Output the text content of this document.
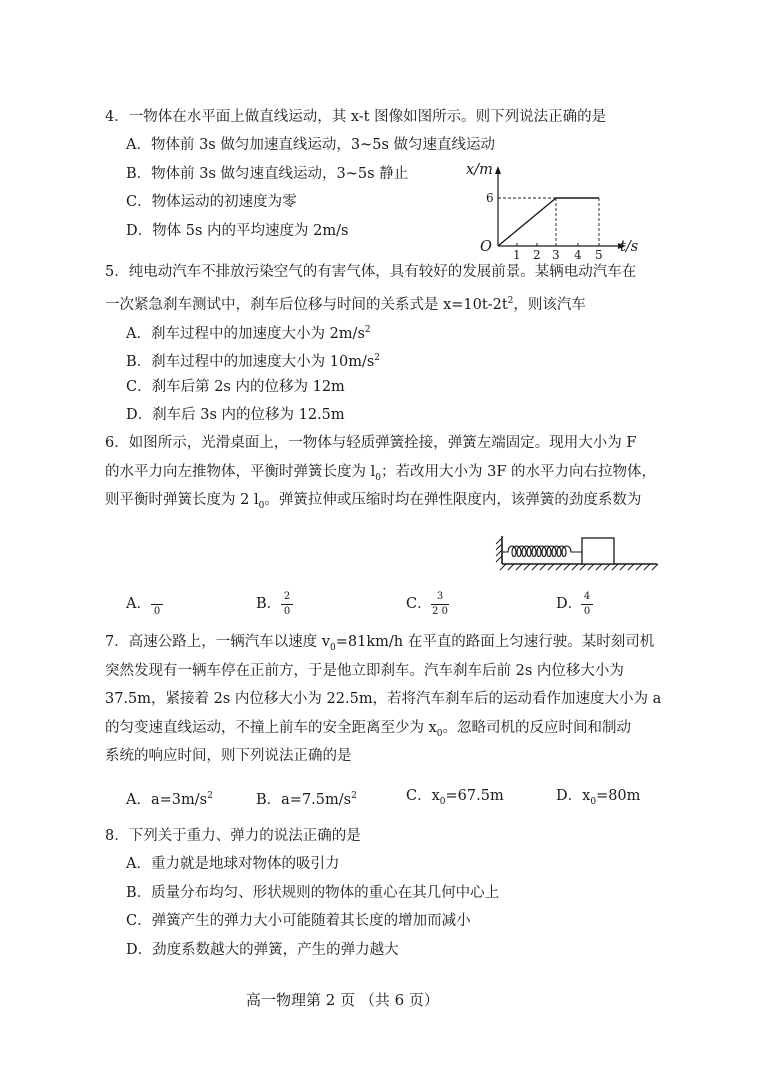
4．一物体在水平面上做直线运动，其 x-t 图像如图所示。则下列说法正确的是
A．物体前 3s 做匀加速直线运动，3~5s 做匀速直线运动
B．物体前 3s 做匀速直线运动，3~5s 静止
C．物体运动的初速度为零
D．物体 5s 内的平均速度为 2m/s
x/m
6
O 1 2 3 4 5 t/s
5．纯电动汽车不排放污染空气的有害气体，具有较好的发展前景。某辆电动汽车在
一次紧急刹车测试中，刹车后位移与时间的关系式是 $x=10t-2t^2$，则该汽车
A．刹车过程中的加速度大小为 $2m/s^2$
B．刹车过程中的加速度大小为 $10m/s^2$
C．刹车后第 2s 内的位移为 12m
D．刹车后 3s 内的位移为 12.5m
6．如图所示，光滑桌面上，一物体与轻质弹簧拴接，弹簧左端固定。现用大小为 F
的水平力向左推物体，平衡时弹簧长度为 $l_0$；若改用大小为 3F 的水平力向右拉物体，
则平衡时弹簧长度为 2 $l_0$。弹簧拉伸或压缩时均在弹性限度内，该弹簧的劲度系数为
A． 0	B． 2
0	C． 3
2 0	D． 4
0
7．高速公路上，一辆汽车以速度 $v_0=81km/h$ 在平直的路面上匀速行驶。某时刻司机
突然发现有一辆车停在正前方，于是他立即刹车。汽车刹车后前 2s 内位移大小为
37.5m，紧接着 2s 内位移大小为 22.5m，若将汽车刹车后的运动看作加速度大小为 a
的匀变速直线运动，不撞上前车的安全距离至少为 $x_0$。忽略司机的反应时间和制动
系统的响应时间，则下列说法正确的是
A．$a=3m/s^2$	B．$a=7.5m/s^2$	C．$x_0=67.5m$	D．$x_0=80m$
8．下列关于重力、弹力的说法正确的是
A．重力就是地球对物体的吸引力
B．质量分布均匀、形状规则的物体的重心在其几何中心上
C．弹簧产生的弹力大小可能随着其长度的增加而减小
D．劲度系数越大的弹簧，产生的弹力越大
高一物理第 2 页 （共 6 页）
